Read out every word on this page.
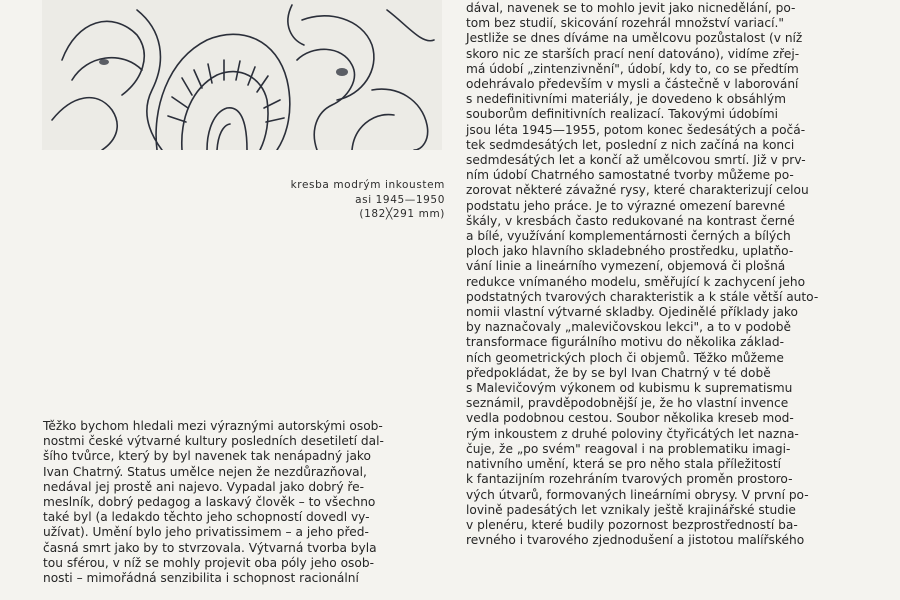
kresba modrým inkoustem
asi 1945—1950
(182╳291 mm)
Těžko bychom hledali mezi výraznými autorskými osob-
nostmi české výtvarné kultury posledních desetiletí dal-
šího tvůrce, který by byl navenek tak nenápadný jako
Ivan Chatrný. Status umělce nejen že nezdůrazňoval,
nedával jej prostě ani najevo. Vypadal jako dobrý ře-
meslník, dobrý pedagog a laskavý člověk – to všechno
také byl (a ledakdo těchto jeho schopností dovedl vy-
užívat). Umění bylo jeho privatissimem – a jeho před-
časná smrt jako by to stvrzovala. Výtvarná tvorba byla
tou sférou, v níž se mohly projevit oba póly jeho osob-
nosti – mimořádná senzibilita i schopnost racionální
dával, navenek se to mohlo jevit jako nicnedělání, po-
tom bez studií, skicování rozehrál množství variací."
Jestliže se dnes díváme na umělcovu pozůstalost (v níž
skoro nic ze starších prací není datováno), vidíme zřej-
má údobí „zintenzivnění", údobí, kdy to, co se předtím
odehrávalo především v mysli a částečně v laborování
s nedefinitivními materiály, je dovedeno k obsáhlým
souborům definitivních realizací. Takovými údobími
jsou léta 1945—1955, potom konec šedesátých a počá-
tek sedmdesátých let, poslední z nich začíná na konci
sedmdesátých let a končí až umělcovou smrtí. Již v prv-
ním údobí Chatrného samostatné tvorby můžeme po-
zorovat některé závažné rysy, které charakterizují celou
podstatu jeho práce. Je to výrazné omezení barevné
škály, v kresbách často redukované na kontrast černé
a bílé, využívání komplementárnosti černých a bílých
ploch jako hlavního skladebného prostředku, uplatňo-
vání linie a lineárního vymezení, objemová či plošná
redukce vnímaného modelu, směřující k zachycení jeho
podstatných tvarových charakteristik a k stále větší auto-
nomii vlastní výtvarné skladby. Ojedinělé příklady jako
by naznačovaly „malevičovskou lekci", a to v podobě
transformace figurálního motivu do několika základ-
ních geometrických ploch či objemů. Těžko můžeme
předpokládat, že by se byl Ivan Chatrný v té době
s Malevičovým výkonem od kubismu k suprematismu
seznámil, pravděpodobnější je, že ho vlastní invence
vedla podobnou cestou. Soubor několika kreseb mod-
rým inkoustem z druhé poloviny čtyřicátých let nazna-
čuje, že „po svém" reagoval i na problematiku imagi-
nativního umění, která se pro něho stala příležitostí
k fantazijním rozehráním tvarových proměn prostoro-
vých útvarů, formovaných lineárními obrysy. V první po-
lovině padesátých let vznikaly ještě krajinářské studie
v plenéru, které budily pozornost bezprostředností ba-
revného i tvarového zjednodušení a jistotou malířského
